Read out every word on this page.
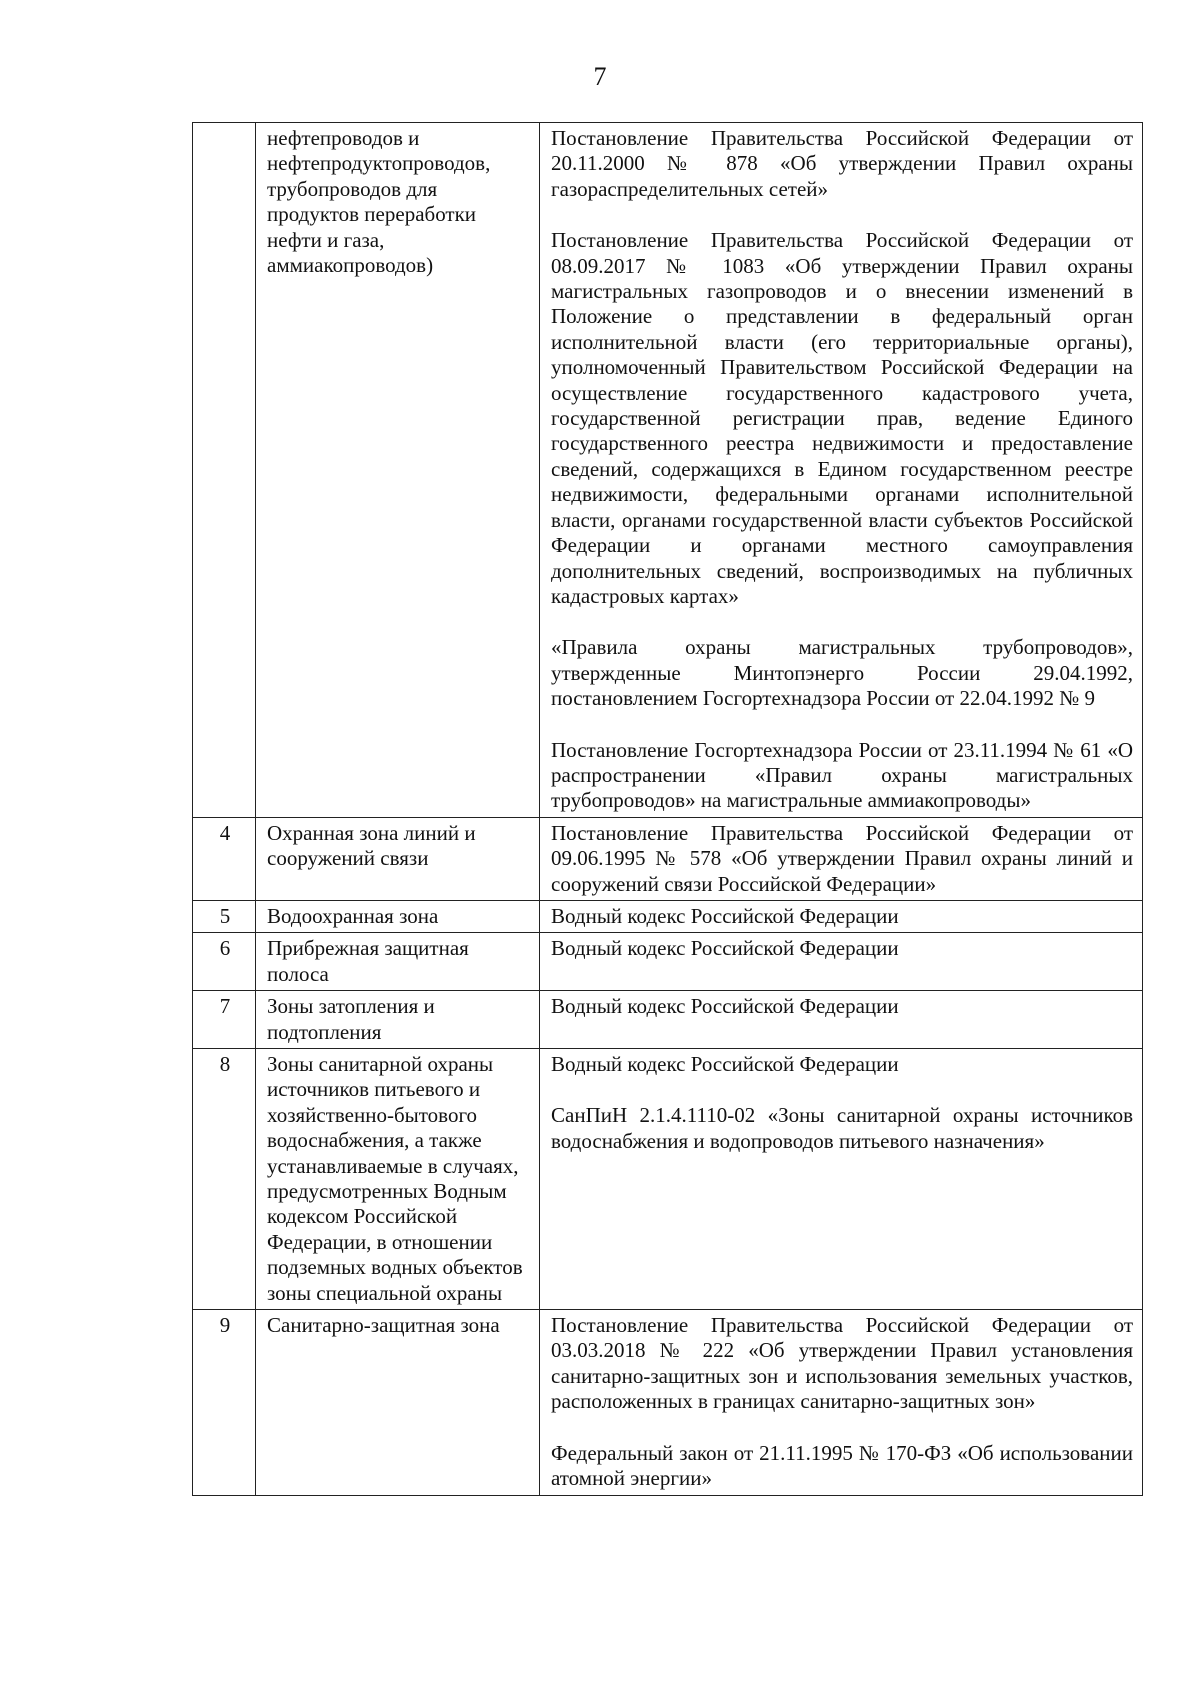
7
	нефтепроводов и нефтепродуктопроводов, трубопроводов для продуктов переработки нефти и газа, аммиакопроводов)	Постановление Правительства Российской Федерации от 20.11.2000 № 878 «Об утверждении Правил охраны газораспределительных сетей»
Постановление Правительства Российской Федерации от 08.09.2017 № 1083 «Об утверждении Правил охраны магистральных газопроводов и о внесении изменений в Положение о представлении в федеральный орган исполнительной власти (его территориальные органы), уполномоченный Правительством Российской Федерации на осуществление государственного кадастрового учета, государственной регистрации прав, ведение Единого государственного реестра недвижимости и предоставление сведений, содержащихся в Едином государственном реестре недвижимости, федеральными органами исполнительной власти, органами государственной власти субъектов Российской Федерации и органами местного самоуправления дополнительных сведений, воспроизводимых на публичных кадастровых картах»
«Правила охраны магистральных трубопроводов», утвержденные Минтопэнерго России 29.04.1992, постановлением Госгортехнадзора России от 22.04.1992 № 9
Постановление Госгортехнадзора России от 23.11.1994 № 61 «О распространении «Правил охраны магистральных трубопроводов» на магистральные аммиакопроводы»

4	Охранная зона линий и сооружений связи	Постановление Правительства Российской Федерации от 09.06.1995 № 578 «Об утверждении Правил охраны линий и сооружений связи Российской Федерации»

5	Водоохранная зона	Водный кодекс Российской Федерации

6	Прибрежная защитная полоса	Водный кодекс Российской Федерации

7	Зоны затопления и подтопления	Водный кодекс Российской Федерации

8	Зоны санитарной охраны источников питьевого и хозяйственно-бытового водоснабжения, а также устанавливаемые в случаях, предусмотренных Водным кодексом Российской Федерации, в отношении подземных водных объектов зоны специальной охраны	Водный кодекс Российской Федерации
СанПиН 2.1.4.1110-02 «Зоны санитарной охраны источников водоснабжения и водопроводов питьевого назначения»

9	Санитарно-защитная зона	Постановление Правительства Российской Федерации от 03.03.2018 № 222 «Об утверждении Правил установления санитарно-защитных зон и использования земельных участков, расположенных в границах санитарно-защитных зон»
Федеральный закон от 21.11.1995 № 170-ФЗ «Об использовании атомной энергии»
